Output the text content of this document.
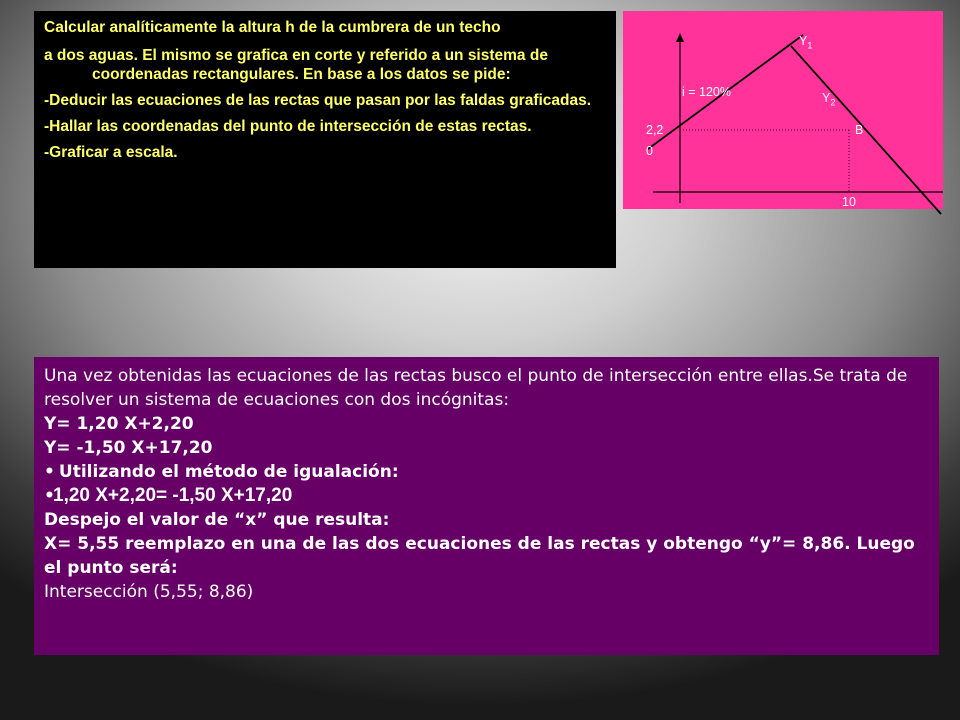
Calcular analíticamente la altura h de la cumbrera de un techo

a dos aguas. El mismo se grafica en corte y referido a un sistema de coordenadas rectangulares. En base a los datos se pide:

-Deducir las ecuaciones de las rectas que pasan por las faldas graficadas.

-Hallar las coordenadas del punto de intersección de estas rectas.

-Graficar a escala.

$Y_1$
i = 120%	$Y_2$
B
2,2
0
10
Una vez obtenidas las ecuaciones de las rectas busco el punto de intersección entre ellas.Se trata de resolver un sistema de ecuaciones con dos incógnitas:
Y= 1,20 X+2,20
Y= -1,50 X+17,20
• Utilizando el método de igualación:
•1,20 X+2,20= -1,50 X+17,20
Despejo el valor de “x” que resulta:
X= 5,55 reemplazo en una de las dos ecuaciones de las rectas y obtengo “y”= 8,86. Luego el punto será:
Intersección (5,55; 8,86)
